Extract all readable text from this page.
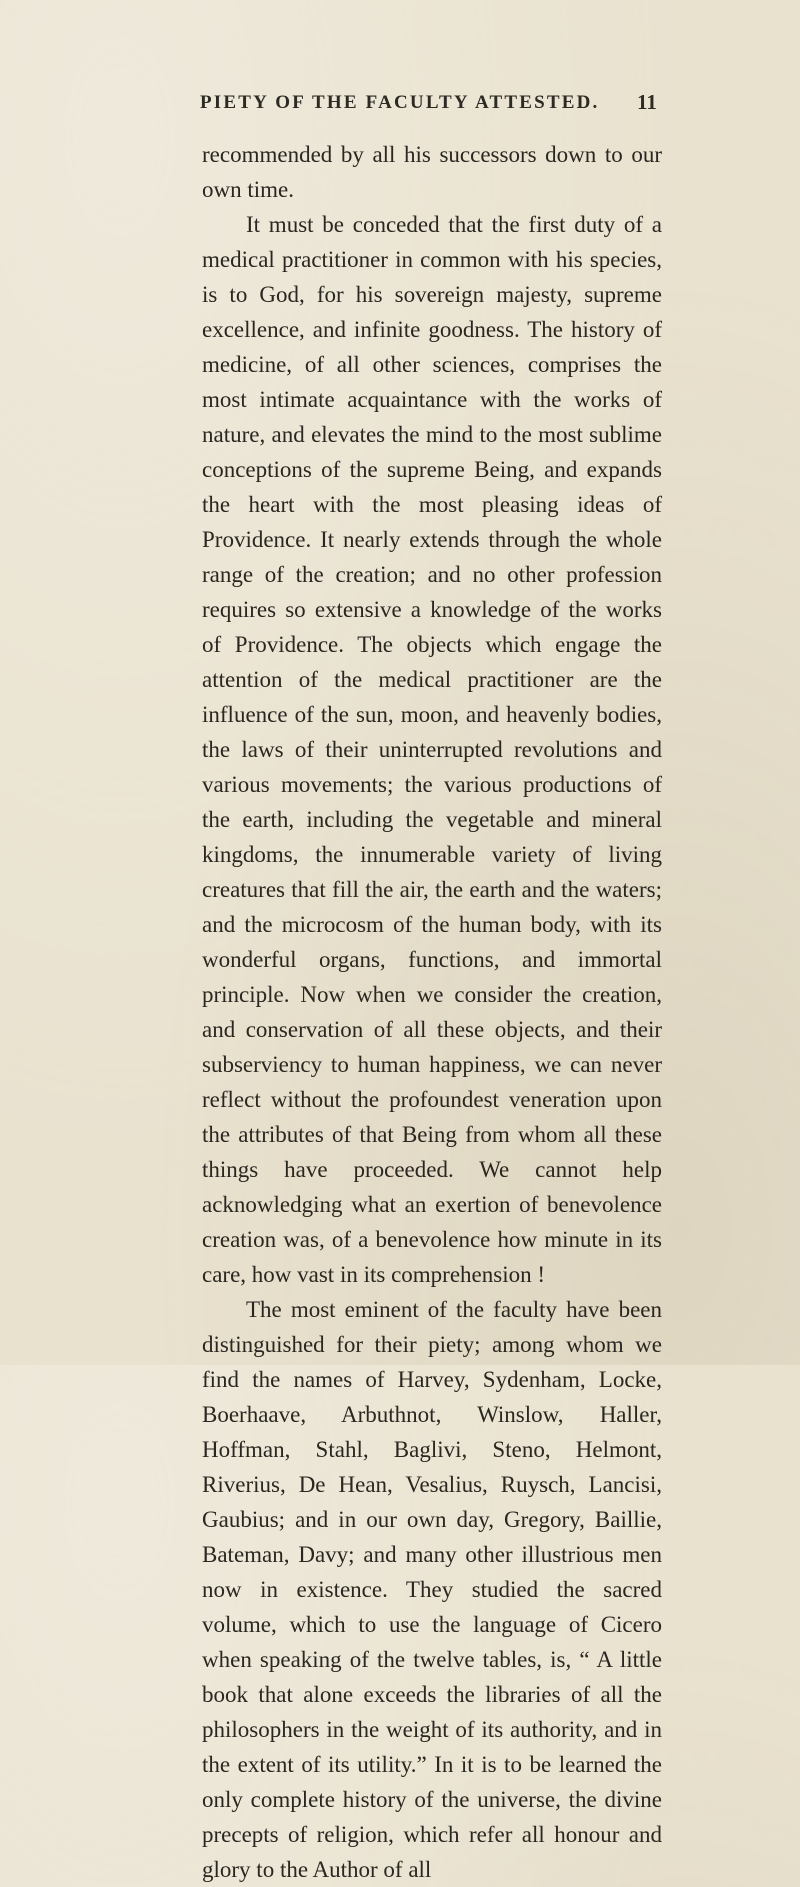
PIETY OF THE FACULTY ATTESTED.	11

recommended by all his successors down to our own time.

It must be conceded that the first duty of a medical practitioner in common with his species, is to God, for his sovereign majesty, supreme excellence, and infinite goodness. The history of medicine, of all other sciences, comprises the most intimate acquaintance with the works of nature, and elevates the mind to the most sublime conceptions of the supreme Being, and expands the heart with the most pleasing ideas of Providence. It nearly extends through the whole range of the creation; and no other profession requires so extensive a knowledge of the works of Providence. The objects which engage the attention of the medical practitioner are the influence of the sun, moon, and heavenly bodies, the laws of their uninterrupted revolutions and various movements; the various productions of the earth, including the vegetable and mineral kingdoms, the innumerable variety of living creatures that fill the air, the earth and the waters; and the microcosm of the human body, with its wonderful organs, functions, and immortal principle. Now when we consider the creation, and conservation of all these objects, and their subserviency to human happiness, we can never reflect without the profoundest veneration upon the attributes of that Being from whom all these things have proceeded. We cannot help acknowledging what an exertion of benevolence creation was, of a benevolence how minute in its care, how vast in its comprehension !

The most eminent of the faculty have been distinguished for their piety; among whom we find the names of Harvey, Sydenham, Locke, Boerhaave, Arbuthnot, Winslow, Haller, Hoffman, Stahl, Baglivi, Steno, Helmont, Riverius, De Hean, Vesalius, Ruysch, Lancisi, Gaubius; and in our own day, Gregory, Baillie, Bateman, Davy; and many other illustrious men now in existence. They studied the sacred volume, which to use the language of Cicero when speaking of the twelve tables, is, “ A little book that alone exceeds the libraries of all the philosophers in the weight of its authority, and in the extent of its utility.” In it is to be learned the only complete history of the universe, the divine precepts of religion, which refer all honour and glory to the Author of all
